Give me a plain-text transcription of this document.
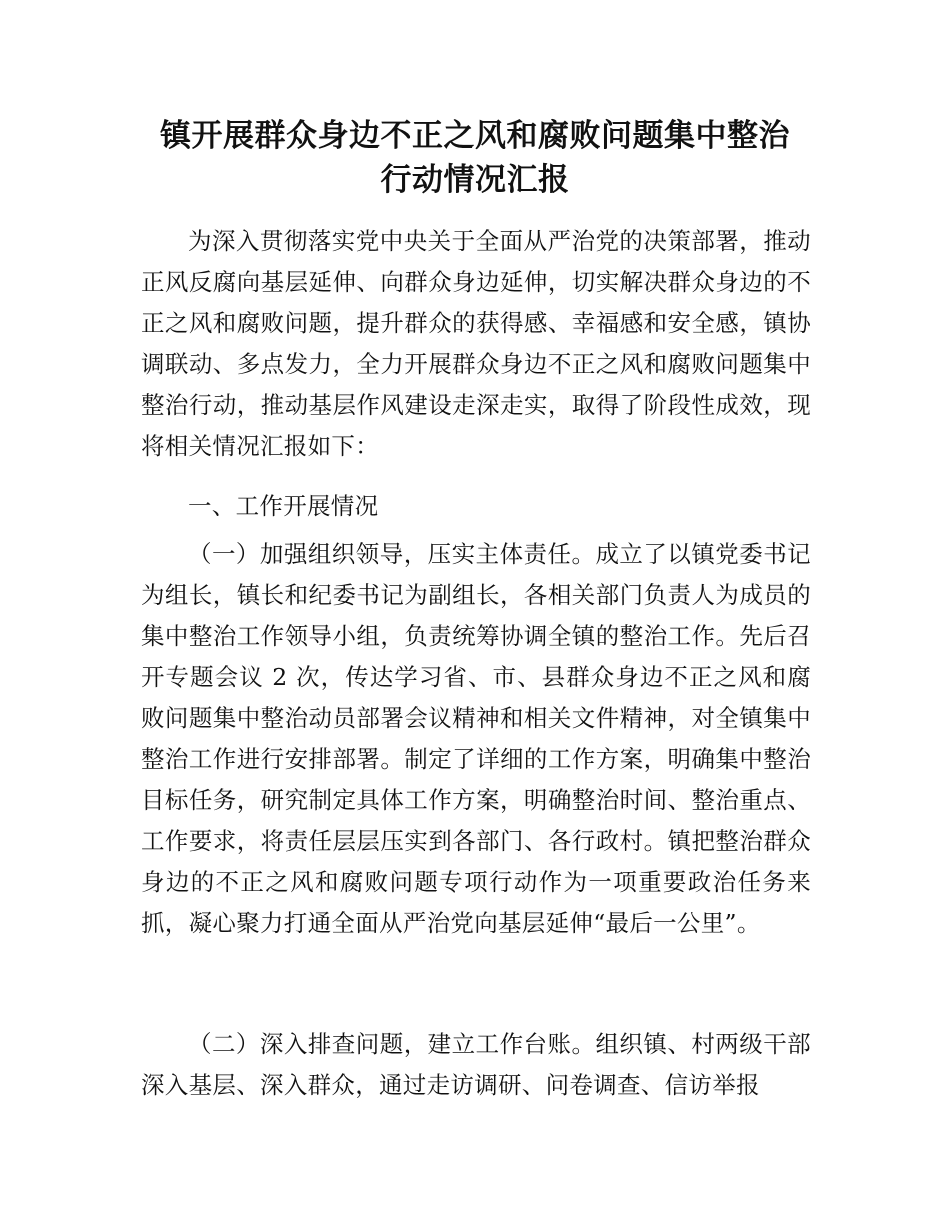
镇开展群众身边不正之风和腐败问题集中整治
行动情况汇报

为深入贯彻落实党中央关于全面从严治党的决策部署，推动正风反腐向基层延伸、向群众身边延伸，切实解决群众身边的不正之风和腐败问题，提升群众的获得感、幸福感和安全感，镇协调联动、多点发力，全力开展群众身边不正之风和腐败问题集中整治行动，推动基层作风建设走深走实，取得了阶段性成效，现将相关情况汇报如下：

一、工作开展情况

（一）加强组织领导，压实主体责任。成立了以镇党委书记为组长，镇长和纪委书记为副组长，各相关部门负责人为成员的集中整治工作领导小组，负责统筹协调全镇的整治工作。先后召开专题会议 2 次，传达学习省、市、县群众身边不正之风和腐败问题集中整治动员部署会议精神和相关文件精神，对全镇集中整治工作进行安排部署。制定了详细的工作方案，明确集中整治目标任务，研究制定具体工作方案，明确整治时间、整治重点、工作要求，将责任层层压实到各部门、各行政村。镇把整治群众身边的不正之风和腐败问题专项行动作为一项重要政治任务来抓，凝心聚力打通全面从严治党向基层延伸“最后一公里”。

（二）深入排查问题，建立工作台账。组织镇、村两级干部深入基层、深入群众，通过走访调研、问卷调查、信访举报
